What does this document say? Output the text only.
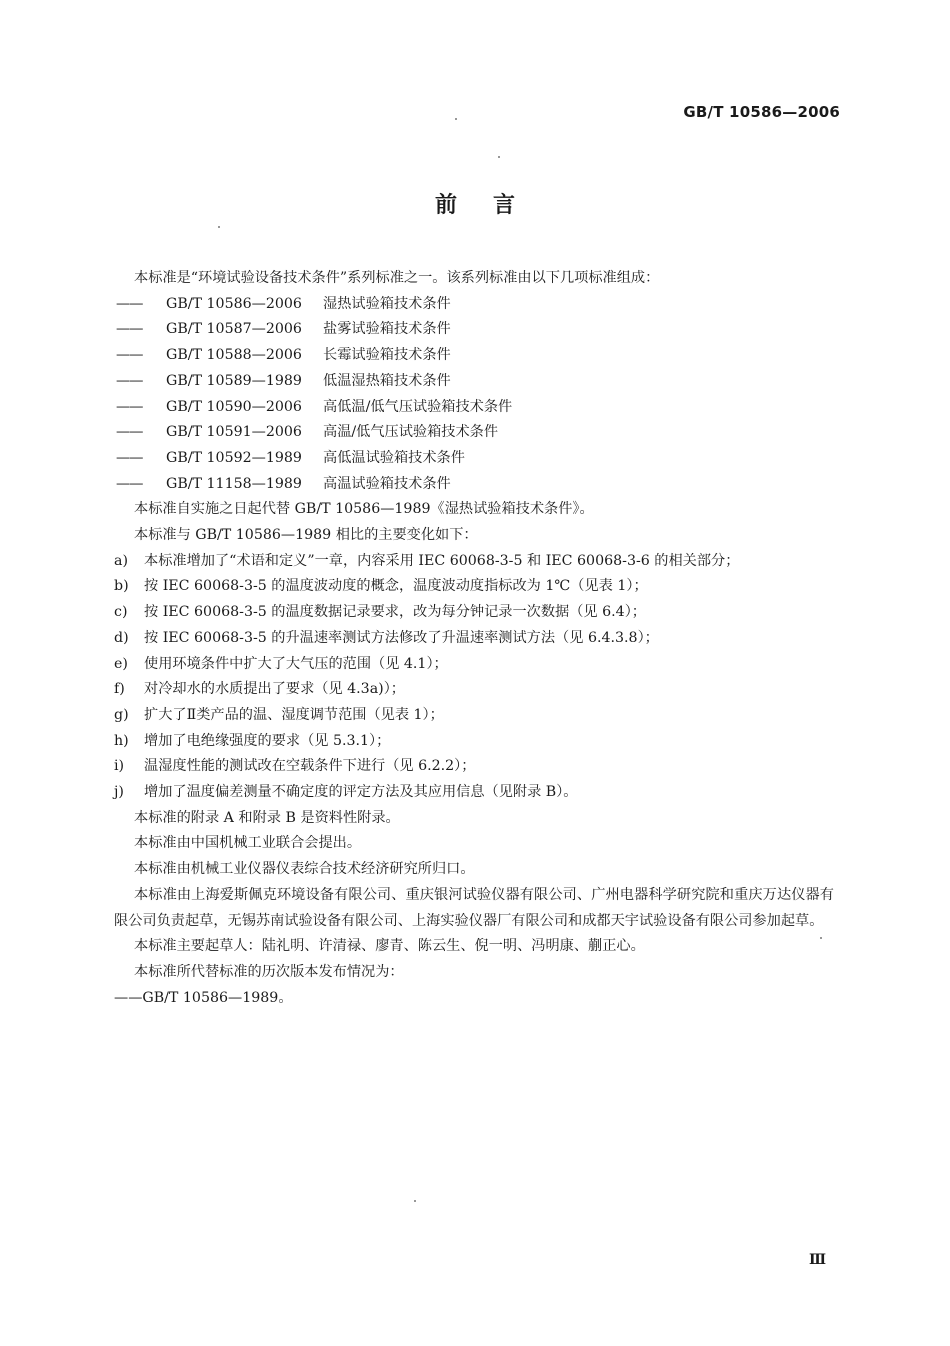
GB/T 10586—2006
前 言
本标准是“环境试验设备技术条件”系列标准之一。该系列标准由以下几项标准组成：
—— GB/T 10586—2006 湿热试验箱技术条件
—— GB/T 10587—2006 盐雾试验箱技术条件
—— GB/T 10588—2006 长霉试验箱技术条件
—— GB/T 10589—1989 低温湿热箱技术条件
—— GB/T 10590—2006 高低温/低气压试验箱技术条件
—— GB/T 10591—2006 高温/低气压试验箱技术条件
—— GB/T 10592—1989 高低温试验箱技术条件
—— GB/T 11158—1989 高温试验箱技术条件
本标准自实施之日起代替 GB/T 10586—1989《湿热试验箱技术条件》。
本标准与 GB/T 10586—1989 相比的主要变化如下：
a) 本标准增加了“术语和定义”一章，内容采用 IEC 60068-3-5 和 IEC 60068-3-6 的相关部分；
b) 按 IEC 60068-3-5 的温度波动度的概念，温度波动度指标改为 1℃（见表 1）；
c) 按 IEC 60068-3-5 的温度数据记录要求，改为每分钟记录一次数据（见 6.4）；
d) 按 IEC 60068-3-5 的升温速率测试方法修改了升温速率测试方法（见 6.4.3.8）；
e) 使用环境条件中扩大了大气压的范围（见 4.1）；
f) 对冷却水的水质提出了要求（见 4.3a)）；
g) 扩大了Ⅱ类产品的温、湿度调节范围（见表 1）；
h) 增加了电绝缘强度的要求（见 5.3.1）；
i) 温湿度性能的测试改在空载条件下进行（见 6.2.2）；
j) 增加了温度偏差测量不确定度的评定方法及其应用信息（见附录 B）。
本标准的附录 A 和附录 B 是资料性附录。
本标准由中国机械工业联合会提出。
本标准由机械工业仪器仪表综合技术经济研究所归口。
本标准由上海爱斯佩克环境设备有限公司、重庆银河试验仪器有限公司、广州电器科学研究院和重庆万达仪器有限公司负责起草，无锡苏南试验设备有限公司、上海实验仪器厂有限公司和成都天宇试验设备有限公司参加起草。
本标准主要起草人：陆礼明、许清禄、廖青、陈云生、倪一明、冯明康、蒯正心。
本标准所代替标准的历次版本发布情况为：
——GB/T 10586—1989。
Ⅲ
